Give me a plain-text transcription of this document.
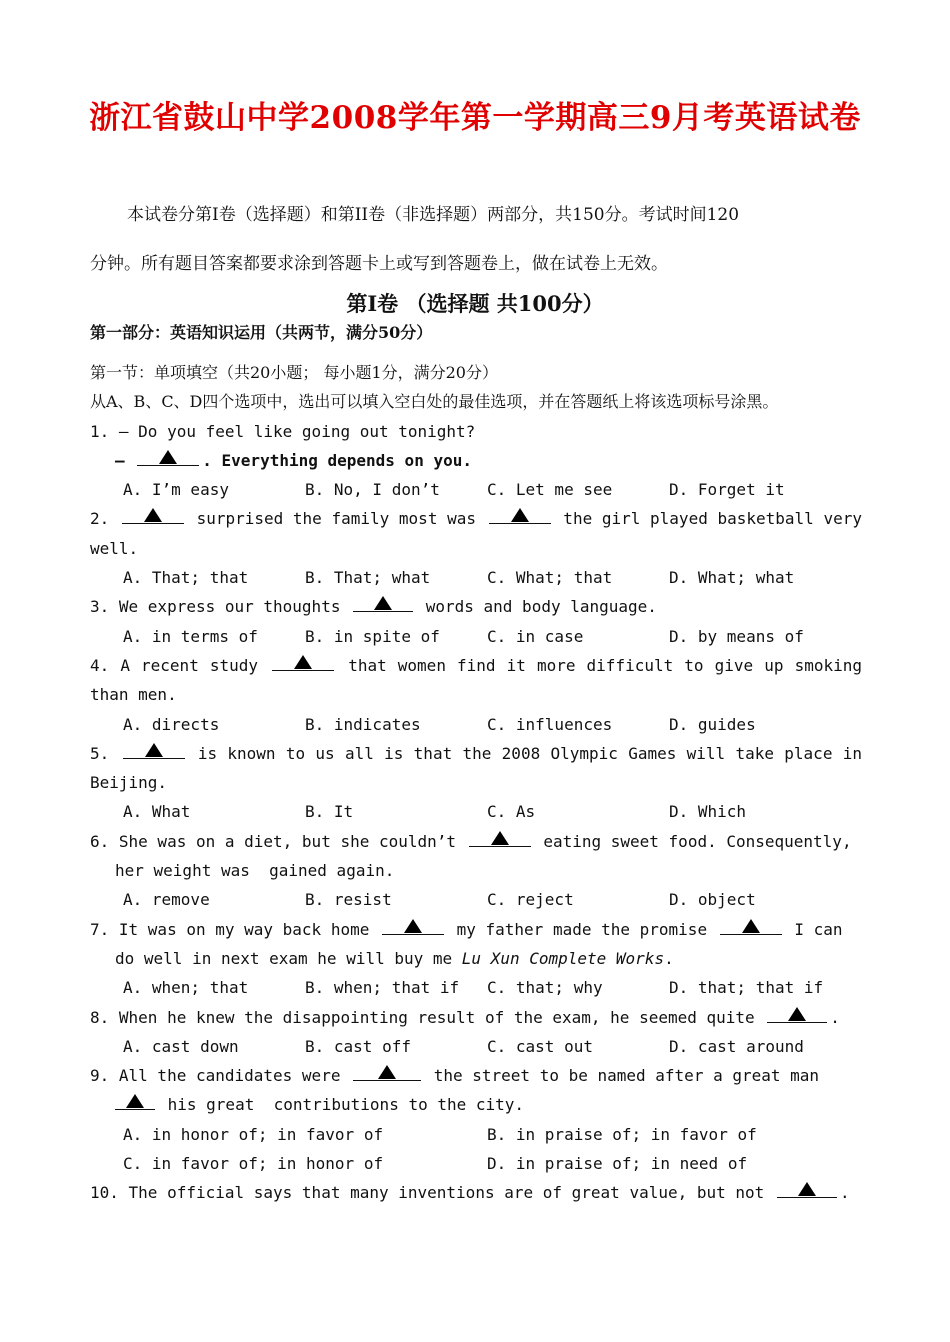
浙江省鼓山中学2008学年第一学期高三9月考英语试卷
本试卷分第I卷（选择题）和第II卷（非选择题）两部分，共150分。考试时间120
分钟。所有题目答案都要求涂到答题卡上或写到答题卷上，做在试卷上无效。
第I卷 （选择题 共100分）
第一部分：英语知识运用（共两节，满分50分）
第一节：单项填空（共20小题； 每小题1分，满分20分）
从A、B、C、D四个选项中，选出可以填入空白处的最佳选项，并在答题纸上将该选项标号涂黑。
1. — Do you feel like going out tonight?
—	. Everything depends on you.
A. I’m easy	B. No, I don’t	C. Let me see	D. Forget it
2.	surprised the family most was	the girl played basketball very well.
A. That; that	B. That; what	C. What; that	D. What; what
3. We express our thoughts	words and body language.
A. in terms of	B. in spite of	C. in case	D. by means of
4. A recent study	that women find it more difficult to give up smoking than men.
A. directs	B. indicates	C. influences	D. guides
5.	is known to us all is that the 2008 Olympic Games will take place in Beijing.
A. What	B. It	C. As	D. Which
6. She was on a diet, but she couldn’t	eating sweet food. Consequently,
her weight was  gained again.
A. remove	B. resist	C. reject	D. object
7. It was on my way back home	my father made the promise	I can
do well in next exam he will buy me Lu Xun Complete Works.
A. when; that	B. when; that if C. that; why	D. that; that if
8. When he knew the disappointing result of the exam, he seemed quite	.
A. cast down	B. cast off	C. cast out	D. cast around
9. All the candidates were	the street to be named after a great man
his great  contributions to the city.
A. in honor of; in favor of	B. in praise of; in favor of
C. in favor of; in honor of	D. in praise of; in need of
10. The official says that many inventions are of great value, but not	.
